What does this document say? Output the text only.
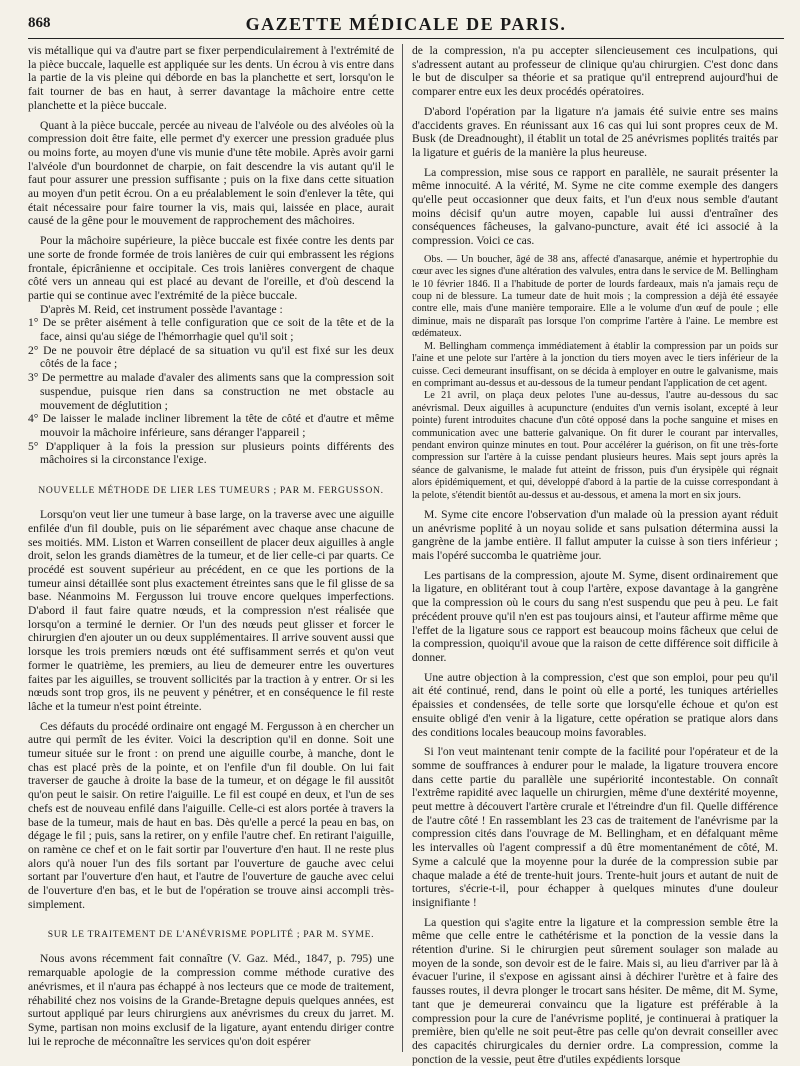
868	GAZETTE MÉDICALE DE PARIS.

vis métallique qui va d'autre part se fixer perpendiculairement à l'extrémité de la pièce buccale, laquelle est appliquée sur les dents. Un écrou à vis entre dans la partie de la vis pleine qui déborde en bas la planchette et sert, lorsqu'on le fait tourner de bas en haut, à serrer davantage la mâchoire entre cette planchette et la pièce buccale.

Quant à la pièce buccale, percée au niveau de l'alvéole ou des alvéoles où la compression doit être faite, elle permet d'y exercer une pression graduée plus ou moins forte, au moyen d'une vis munie d'une tête mobile. Après avoir garni l'alvéole d'un bourdonnet de charpie, on fait descendre la vis autant qu'il le faut pour assurer une pression suffisante ; puis on la fixe dans cette situation au moyen d'un petit écrou. On a eu préalablement le soin d'enlever la tête, qui était nécessaire pour faire tourner la vis, mais qui, laissée en place, aurait causé de la gêne pour le mouvement de rapprochement des mâchoires.

Pour la mâchoire supérieure, la pièce buccale est fixée contre les dents par une sorte de fronde formée de trois lanières de cuir qui embrassent les régions frontale, épicrânienne et occipitale. Ces trois lanières convergent de chaque côté vers un anneau qui est placé au devant de l'oreille, et d'où descend la partie qui se continue avec l'extrémité de la pièce buccale.

D'après M. Reid, cet instrument possède l'avantage :

1° De se prêter aisément à telle configuration que ce soit de la tête et de la face, ainsi qu'au siége de l'hémorrhagie quel qu'il soit ;

2° De ne pouvoir être déplacé de sa situation vu qu'il est fixé sur les deux côtés de la face ;

3° De permettre au malade d'avaler des aliments sans que la compression soit suspendue, puisque rien dans sa construction ne met obstacle au mouvement de déglutition ;

4° De laisser le malade incliner librement la tête de côté et d'autre et même mouvoir la mâchoire inférieure, sans déranger l'appareil ;

5° D'appliquer à la fois la pression sur plusieurs points différents des mâchoires si la circonstance l'exige.

NOUVELLE MÉTHODE DE LIER LES TUMEURS ; PAR M. FERGUSSON.

Lorsqu'on veut lier une tumeur à base large, on la traverse avec une aiguille enfilée d'un fil double, puis on lie séparément avec chaque anse chacune de ses moitiés. MM. Liston et Warren conseillent de placer deux aiguilles à angle droit, selon les grands diamètres de la tumeur, et de lier celle-ci par quarts. Ce procédé est souvent supérieur au précédent, en ce que les portions de la tumeur ainsi détaillée sont plus exactement étreintes sans que le fil glisse de sa base. Néanmoins M. Fergusson lui trouve encore quelques imperfections. D'abord il faut faire quatre nœuds, et la compression n'est réalisée que lorsqu'on a terminé le dernier. Or l'un des nœuds peut glisser et forcer le chirurgien d'en ajouter un ou deux supplémentaires. Il arrive souvent aussi que lorsque les trois premiers nœuds ont été suffisamment serrés et qu'on veut former le quatrième, les premiers, au lieu de demeurer entre les ouvertures faites par les aiguilles, se trouvent sollicités par la traction à y entrer. Or si les nœuds sont trop gros, ils ne peuvent y pénétrer, et en conséquence le fil reste lâche et la tumeur n'est point étreinte.

Ces défauts du procédé ordinaire ont engagé M. Fergusson à en chercher un autre qui permît de les éviter. Voici la description qu'il en donne. Soit une tumeur située sur le front : on prend une aiguille courbe, à manche, dont le chas est placé près de la pointe, et on l'enfile d'un fil double. On lui fait traverser de gauche à droite la base de la tumeur, et on dégage le fil aussitôt qu'on peut le saisir. On retire l'aiguille. Le fil est coupé en deux, et l'un de ses chefs est de nouveau enfilé dans l'aiguille. Celle-ci est alors portée à travers la base de la tumeur, mais de haut en bas. Dès qu'elle a percé la peau en bas, on dégage le fil ; puis, sans la retirer, on y enfile l'autre chef. En retirant l'aiguille, on ramène ce chef et on le fait sortir par l'ouverture d'en haut. Il ne reste plus alors qu'à nouer l'un des fils sortant par l'ouverture de gauche avec celui sortant par l'ouverture d'en haut, et l'autre de l'ouverture de gauche avec celui de l'ouverture d'en bas, et le but de l'opération se trouve ainsi accompli très-simplement.

SUR LE TRAITEMENT DE L'ANÉVRISME POPLITÉ ; PAR M. SYME.

Nous avons récemment fait connaître (V. Gaz. Méd., 1847, p. 795) une remarquable apologie de la compression comme méthode curative des anévrismes, et il n'aura pas échappé à nos lecteurs que ce mode de traitement, réhabilité chez nos voisins de la Grande-Bretagne depuis quelques années, est surtout appliqué par leurs chirurgiens aux anévrismes du creux du jarret. M. Syme, partisan non moins exclusif de la ligature, ayant entendu diriger contre lui le reproche de méconnaître les services qu'on doit espérer

de la compression, n'a pu accepter silencieusement ces inculpations, qui s'adressent autant au professeur de clinique qu'au chirurgien. C'est donc dans le but de disculper sa théorie et sa pratique qu'il entreprend aujourd'hui de comparer entre eux les deux procédés opératoires.

D'abord l'opération par la ligature n'a jamais été suivie entre ses mains d'accidents graves. En réunissant aux 16 cas qui lui sont propres ceux de M. Busk (de Dreadnought), il établit un total de 25 anévrismes poplités traités par la ligature et guéris de la manière la plus heureuse.

La compression, mise sous ce rapport en parallèle, ne saurait présenter la même innocuité. A la vérité, M. Syme ne cite comme exemple des dangers qu'elle peut occasionner que deux faits, et l'un d'eux nous semble d'autant moins décisif qu'un autre moyen, capable lui aussi d'entraîner des conséquences fâcheuses, la galvano-puncture, avait été ici associé à la compression. Voici ce cas.

Obs. — Un boucher, âgé de 38 ans, affecté d'anasarque, anémie et hypertrophie du cœur avec les signes d'une altération des valvules, entra dans le service de M. Bellingham le 10 février 1846. Il a l'habitude de porter de lourds fardeaux, mais n'a jamais reçu de coup ni de blessure. La tumeur date de huit mois ; la compression a déjà été essayée contre elle, mais d'une manière temporaire. Elle a le volume d'un œuf de poule ; elle diminue, mais ne disparaît pas lorsque l'on comprime l'artère à l'aine. Le membre est œdémateux.

M. Bellingham commença immédiatement à établir la compression par un poids sur l'aine et une pelote sur l'artère à la jonction du tiers moyen avec le tiers inférieur de la cuisse. Ceci demeurant insuffisant, on se décida à employer en outre le galvanisme, mais en comprimant au-dessus et au-dessous de la tumeur pendant l'application de cet agent.

Le 21 avril, on plaça deux pelotes l'une au-dessus, l'autre au-dessous du sac anévrismal. Deux aiguilles à acupuncture (enduites d'un vernis isolant, excepté à leur pointe) furent introduites chacune d'un côté opposé dans la poche sanguine et mises en communication avec une batterie galvanique. On fit durer le courant par intervalles, pendant environ quinze minutes en tout. Pour accélérer la guérison, on fit une très-forte compression sur l'artère à la cuisse pendant plusieurs heures. Mais sept jours après la séance de galvanisme, le malade fut atteint de frisson, puis d'un érysipèle qui régnait alors épidémiquement, et qui, développé d'abord à la partie de la cuisse correspondant à la pelote, s'étendit bientôt au-dessus et au-dessous, et amena la mort en six jours.

M. Syme cite encore l'observation d'un malade où la pression ayant réduit un anévrisme poplité à un noyau solide et sans pulsation détermina aussi la gangrène de la jambe entière. Il fallut amputer la cuisse à son tiers inférieur ; mais l'opéré succomba le quatrième jour.

Les partisans de la compression, ajoute M. Syme, disent ordinairement que la ligature, en oblitérant tout à coup l'artère, expose davantage à la gangrène que la compression où le cours du sang n'est suspendu que peu à peu. Le fait précédent prouve qu'il n'en est pas toujours ainsi, et l'auteur affirme même que l'effet de la ligature sous ce rapport est beaucoup moins fâcheux que celui de la compression, quoiqu'il avoue que la raison de cette différence soit difficile à donner.

Une autre objection à la compression, c'est que son emploi, pour peu qu'il ait été continué, rend, dans le point où elle a porté, les tuniques artérielles épaissies et condensées, de telle sorte que lorsqu'elle échoue et qu'on est ensuite obligé d'en venir à la ligature, cette opération se pratique alors dans des conditions locales beaucoup moins favorables.

Si l'on veut maintenant tenir compte de la facilité pour l'opérateur et de la somme de souffrances à endurer pour le malade, la ligature trouvera encore dans cette partie du parallèle une supériorité incontestable. On connaît l'extrême rapidité avec laquelle un chirurgien, même d'une dextérité moyenne, peut mettre à découvert l'artère crurale et l'étreindre d'un fil. Quelle différence de l'autre côté ! En rassemblant les 23 cas de traitement de l'anévrisme par la compression cités dans l'ouvrage de M. Bellingham, et en défalquant même les intervalles où l'agent compressif a dû être momentanément de côté, M. Syme a calculé que la moyenne pour la durée de la compression subie par chaque malade a été de trente-huit jours. Trente-huit jours et autant de nuit de tortures, s'écrie-t-il, pour échapper à quelques minutes d'une douleur insignifiante !

La question qui s'agite entre la ligature et la compression semble être la même que celle entre le cathétérisme et la ponction de la vessie dans la rétention d'urine. Si le chirurgien peut sûrement soulager son malade au moyen de la sonde, son devoir est de le faire. Mais si, au lieu d'arriver par là à évacuer l'urine, il s'expose en agissant ainsi à déchirer l'urètre et à faire des fausses routes, il devra plonger le trocart sans hésiter. De même, dit M. Syme, tant que je demeurerai convaincu que la ligature est préférable à la compression pour la cure de l'anévrisme poplité, je continuerai à pratiquer la première, bien qu'elle ne soit peut-être pas celle qu'on devrait conseiller avec des capacités chirurgicales du dernier ordre. La compression, comme la ponction de la vessie, peut être d'utiles expédients lorsque
